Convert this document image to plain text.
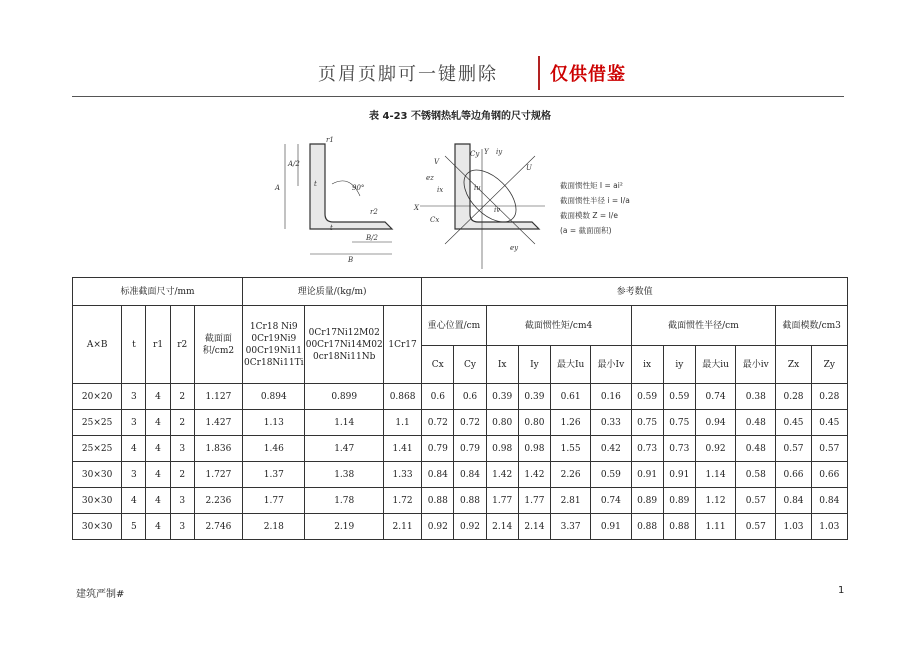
页眉页脚可一键删除	仅供借鉴
表 4-23 不锈钢热轧等边角钢的尺寸规格
r1
A/2
A	t	90°
r2
t
B/2
B
Cy iy
Y
U
V
ez
ix
X
Cx
iu
iv
ey
截面惯性矩 I = ai²
截面惯性半径 i = I/a
截面模数 Z = I/e
(a = 截面面积)
标准截面尺寸/mm					理论质量/(kg/m)			参考数值											
A×B	t	r1	r2	截面面积/cm2	1Cr18 Ni9 0Cr19Ni9 00Cr19Ni11 0Cr18Ni11Ti	0Cr17Ni12M02 00Cr17Ni14M02 0cr18Ni11Nb	1Cr17	重心位置/cm		截面惯性矩/cm4				截面惯性半径/cm				截面模数/cm3	
								Cx	Cy	Ix	Iy	最大Iu	最小Iv	ix	iy	最大iu	最小iv	Zx	Zy
20×20	3	4	2	1.127	0.894	0.899	0.868	0.6	0.6	0.39	0.39	0.61	0.16	0.59	0.59	0.74	0.38	0.28	0.28
25×25	3	4	2	1.427	1.13	1.14	1.1	0.72	0.72	0.80	0.80	1.26	0.33	0.75	0.75	0.94	0.48	0.45	0.45
25×25	4	4	3	1.836	1.46	1.47	1.41	0.79	0.79	0.98	0.98	1.55	0.42	0.73	0.73	0.92	0.48	0.57	0.57
30×30	3	4	2	1.727	1.37	1.38	1.33	0.84	0.84	1.42	1.42	2.26	0.59	0.91	0.91	1.14	0.58	0.66	0.66
30×30	4	4	3	2.236	1.77	1.78	1.72	0.88	0.88	1.77	1.77	2.81	0.74	0.89	0.89	1.12	0.57	0.84	0.84
30×30	5	4	3	2.746	2.18	2.19	2.11	0.92	0.92	2.14	2.14	3.37	0.91	0.88	0.88	1.11	0.57	1.03	1.03
建筑严制#	1
